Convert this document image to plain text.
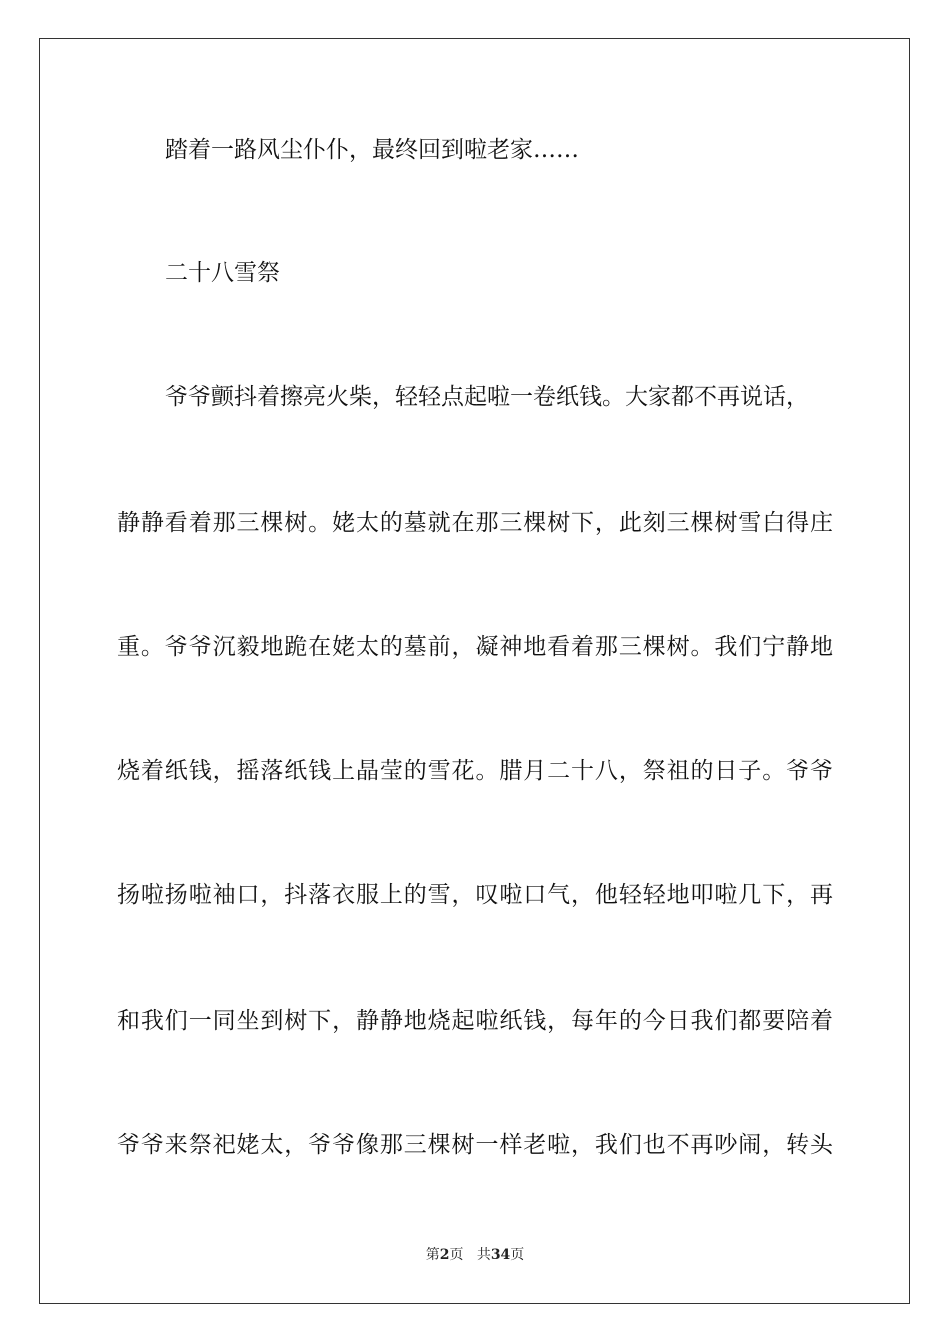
踏着一路风尘仆仆，最终回到啦老家……
二十八雪祭
爷爷颤抖着擦亮火柴，轻轻点起啦一卷纸钱。大家都不再说话，
静静看着那三棵树。姥太的墓就在那三棵树下，此刻三棵树雪白得庄
重。爷爷沉毅地跪在姥太的墓前，凝神地看着那三棵树。我们宁静地
烧着纸钱，摇落纸钱上晶莹的雪花。腊月二十八，祭祖的日子。爷爷
扬啦扬啦袖口，抖落衣服上的雪，叹啦口气，他轻轻地叩啦几下，再
和我们一同坐到树下，静静地烧起啦纸钱，每年的今日我们都要陪着
爷爷来祭祀姥太，爷爷像那三棵树一样老啦，我们也不再吵闹，转头
第2页 共34页
